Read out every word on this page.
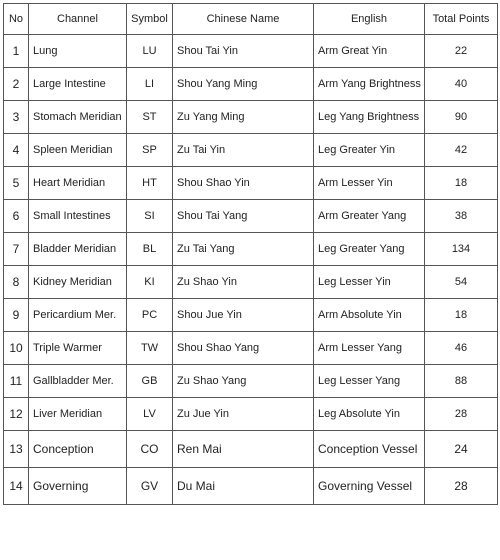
No	Channel	Symbol	Chinese Name	English	Total Points
1	Lung	LU	Shou Tai Yin	Arm Great Yin	22
2	Large Intestine	LI	Shou Yang Ming	Arm Yang Brightness	40
3	Stomach Meridian	ST	Zu Yang Ming	Leg Yang Brightness	90
4	Spleen Meridian	SP	Zu Tai Yin	Leg Greater Yin	42
5	Heart Meridian	HT	Shou Shao Yin	Arm Lesser Yin	18
6	Small Intestines	SI	Shou Tai Yang	Arm Greater Yang	38
7	Bladder Meridian	BL	Zu Tai Yang	Leg Greater Yang	134
8	Kidney Meridian	KI	Zu Shao Yin	Leg Lesser Yin	54
9	Pericardium Mer.	PC	Shou Jue Yin	Arm Absolute Yin	18
10	Triple Warmer	TW	Shou Shao Yang	Arm Lesser Yang	46
11	Gallbladder Mer.	GB	Zu Shao Yang	Leg Lesser Yang	88
12	Liver Meridian	LV	Zu Jue Yin	Leg Absolute Yin	28
13	Conception	CO	Ren Mai	Conception Vessel	24
14	Governing	GV	Du Mai	Governing Vessel	28
